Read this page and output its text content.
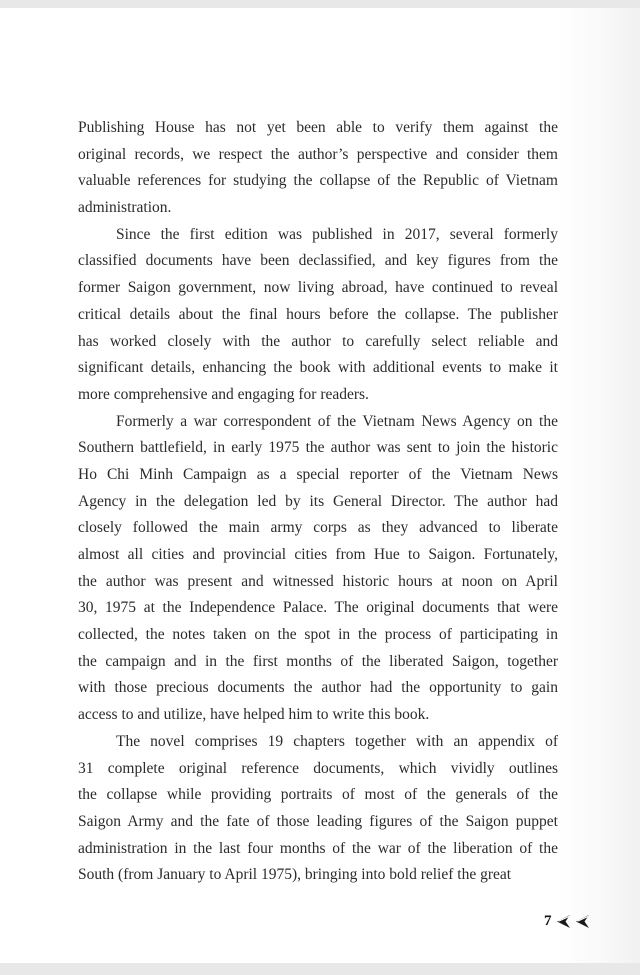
Publishing House has not yet been able to verify them against the
original records, we respect the author’s perspective and consider them
valuable references for studying the collapse of the Republic of Vietnam
administration.
Since the first edition was published in 2017, several formerly
classified documents have been declassified, and key figures from the
former Saigon government, now living abroad, have continued to reveal
critical details about the final hours before the collapse. The publisher
has worked closely with the author to carefully select reliable and
significant details, enhancing the book with additional events to make it
more comprehensive and engaging for readers.
Formerly a war correspondent of the Vietnam News Agency on the
Southern battlefield, in early 1975 the author was sent to join the historic
Ho Chi Minh Campaign as a special reporter of the Vietnam News
Agency in the delegation led by its General Director. The author had
closely followed the main army corps as they advanced to liberate
almost all cities and provincial cities from Hue to Saigon. Fortunately,
the author was present and witnessed historic hours at noon on April
30, 1975 at the Independence Palace. The original documents that were
collected, the notes taken on the spot in the process of participating in
the campaign and in the first months of the liberated Saigon, together
with those precious documents the author had the opportunity to gain
access to and utilize, have helped him to write this book.
The novel comprises 19 chapters together with an appendix of
31 complete original reference documents, which vividly outlines
the collapse while providing portraits of most of the generals of the
Saigon Army and the fate of those leading figures of the Saigon puppet
administration in the last four months of the war of the liberation of the
South (from January to April 1975), bringing into bold relief the great
7
